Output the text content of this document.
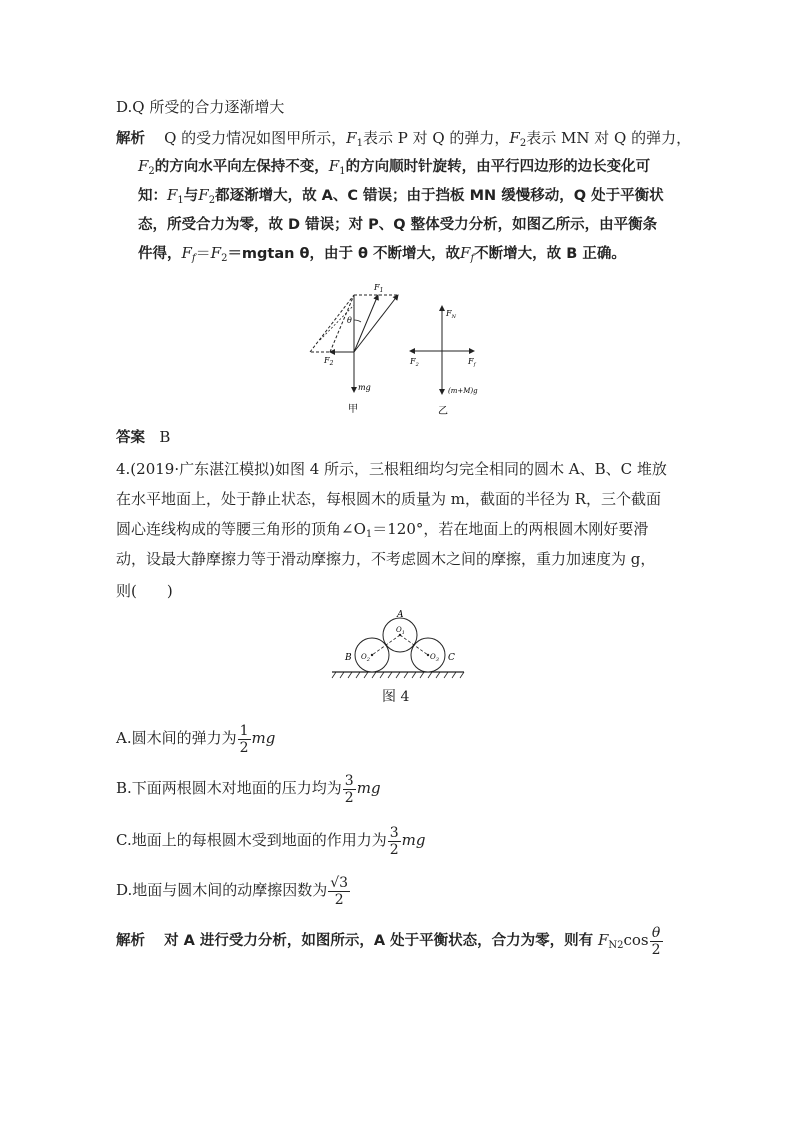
D.Q 所受的合力逐渐增大
解析 Q 的受力情况如图甲所示，$F_1$表示 P 对 Q 的弹力，$F_2$表示 MN 对 Q 的弹力，
$F_2$的方向水平向左保持不变，$F_1$的方向顺时针旋转，由平行四边形的边长变化可
知：$F_1$与$F_2$都逐渐增大，故 A、C 错误；由于挡板 MN 缓慢移动，Q 处于平衡状
态，所受合力为零，故 D 错误；对 P、Q 整体受力分析，如图乙所示，由平衡条
件得，$F_f=F_2=mgtan$ θ，由于 θ 不断增大，故$F_f$不断增大，故 B 正确。
$F_1$
θ
$F_2$
mg
甲
$F_N$
$F_2$	$F_f$
(m+M)g
乙
答案 B
4.(2019·广东湛江模拟)如图 4 所示，三根粗细均匀完全相同的圆木 A、B、C 堆放
在水平地面上，处于静止状态，每根圆木的质量为 m，截面的半径为 R，三个截面
圆心连线构成的等腰三角形的顶角$\angle O_1=120^\circ$，若在地面上的两根圆木刚好要滑
动，设最大静摩擦力等于滑动摩擦力，不考虑圆木之间的摩擦，重力加速度为 g，
则(　　)
A
B	C
$O_1$
$O_2$	$O_3$
图 4
A.圆木间的弹力为 $\frac{1}{2}$ mg
B.下面两根圆木对地面的压力均为 $\frac{3}{2}$ mg
C.地面上的每根圆木受到地面的作用力为 $\frac{3}{2}$ mg
D.地面与圆木间的动摩擦因数为 $\frac{√3}{2}$
解析 对 A 进行受力分析，如图所示，A 处于平衡状态，合力为零，则有 $F_{N2}\cos \frac{\theta}{2}$
